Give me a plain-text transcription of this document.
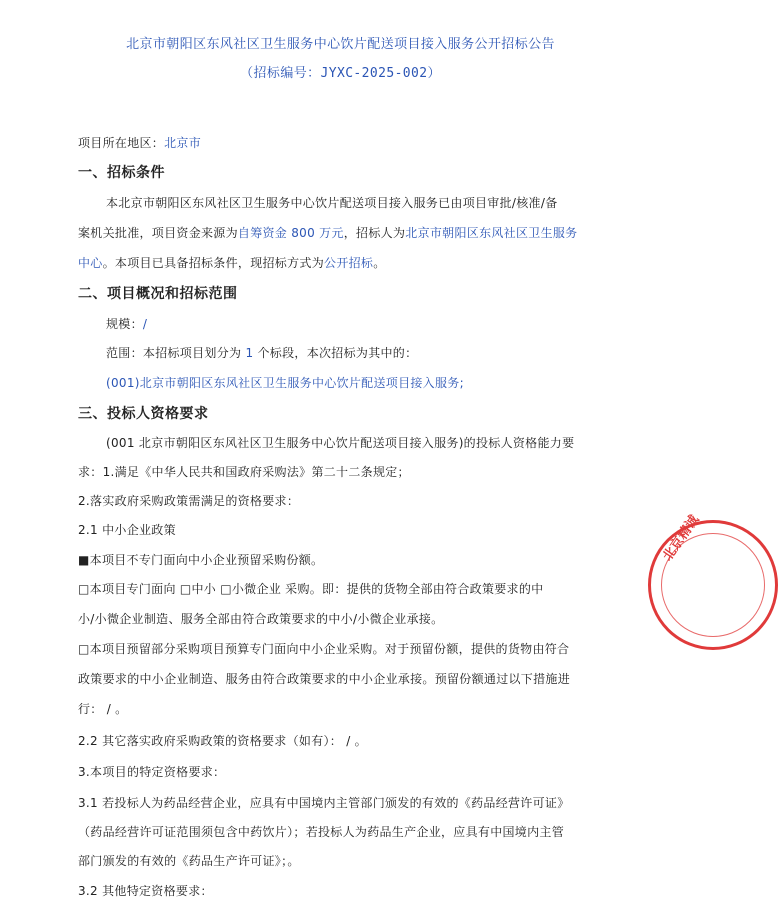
北京市朝阳区东风社区卫生服务中心饮片配送项目接入服务公开招标公告
（招标编号：JYXC-2025-002）
项目所在地区：北京市
一、招标条件
本北京市朝阳区东风社区卫生服务中心饮片配送项目接入服务已由项目审批/核准/备
案机关批准，项目资金来源为自筹资金 800 万元，招标人为北京市朝阳区东风社区卫生服务
中心。本项目已具备招标条件，现招标方式为公开招标。
二、项目概况和招标范围
规模：/
范围：本招标项目划分为 1 个标段，本次招标为其中的：
(001)北京市朝阳区东风社区卫生服务中心饮片配送项目接入服务;
三、投标人资格要求
(001 北京市朝阳区东风社区卫生服务中心饮片配送项目接入服务)的投标人资格能力要
求：1.满足《中华人民共和国政府采购法》第二十二条规定；
2.落实政府采购政策需满足的资格要求：
2.1 中小企业政策
■本项目不专门面向中小企业预留采购份额。
□本项目专门面向 □中小 □小微企业 采购。即：提供的货物全部由符合政策要求的中
小/小微企业制造、服务全部由符合政策要求的中小/小微企业承接。
□本项目预留部分采购项目预算专门面向中小企业采购。对于预留份额，提供的货物由符合
政策要求的中小企业制造、服务由符合政策要求的中小企业承接。预留份额通过以下措施进
行： / 。
2.2 其它落实政府采购政策的资格要求（如有）： / 。
3.本项目的特定资格要求：
3.1 若投标人为药品经营企业，应具有中国境内主管部门颁发的有效的《药品经营许可证》
（药品经营许可证范围须包含中药饮片）；若投标人为药品生产企业，应具有中国境内主管
部门颁发的有效的《药品生产许可证》；。
3.2 其他特定资格要求：
北京精诚
